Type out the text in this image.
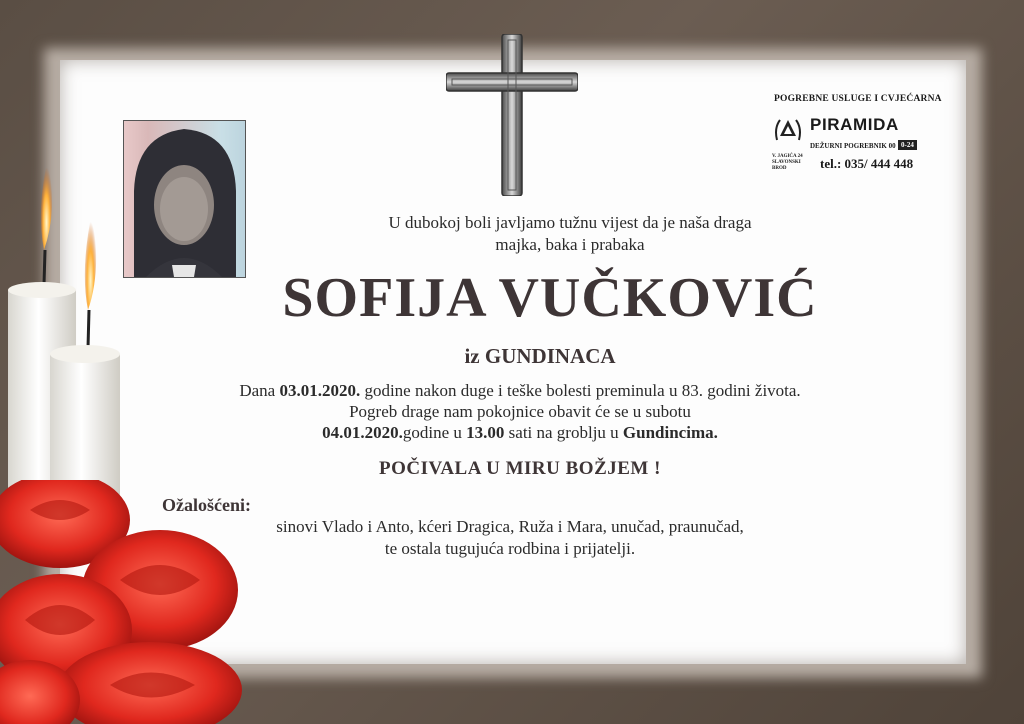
POGREBNE USLUGE I CVJEĆARNA
PIRAMIDA
DEŽURNI POGREBNIK 00 0-24
V. JAGIĆA 24
SLAVONSKI BROD	tel.: 035/ 444 448
U dubokoj boli javljamo tužnu vijest da je naša draga
majka, baka i prabaka
SOFIJA VUČKOVIĆ
iz GUNDINACA
Dana 03.01.2020. godine nakon duge i teške bolesti preminula u 83. godini života.
Pogreb drage nam pokojnice obavit će se u subotu
04.01.2020.godine u 13.00 sati na groblju u Gundincima.
POČIVALA U MIRU BOŽJEM !
Ožalošćeni:
sinovi Vlado i Anto, kćeri Dragica, Ruža i Mara, unučad, praunučad,
te ostala tugujuća rodbina i prijatelji.
